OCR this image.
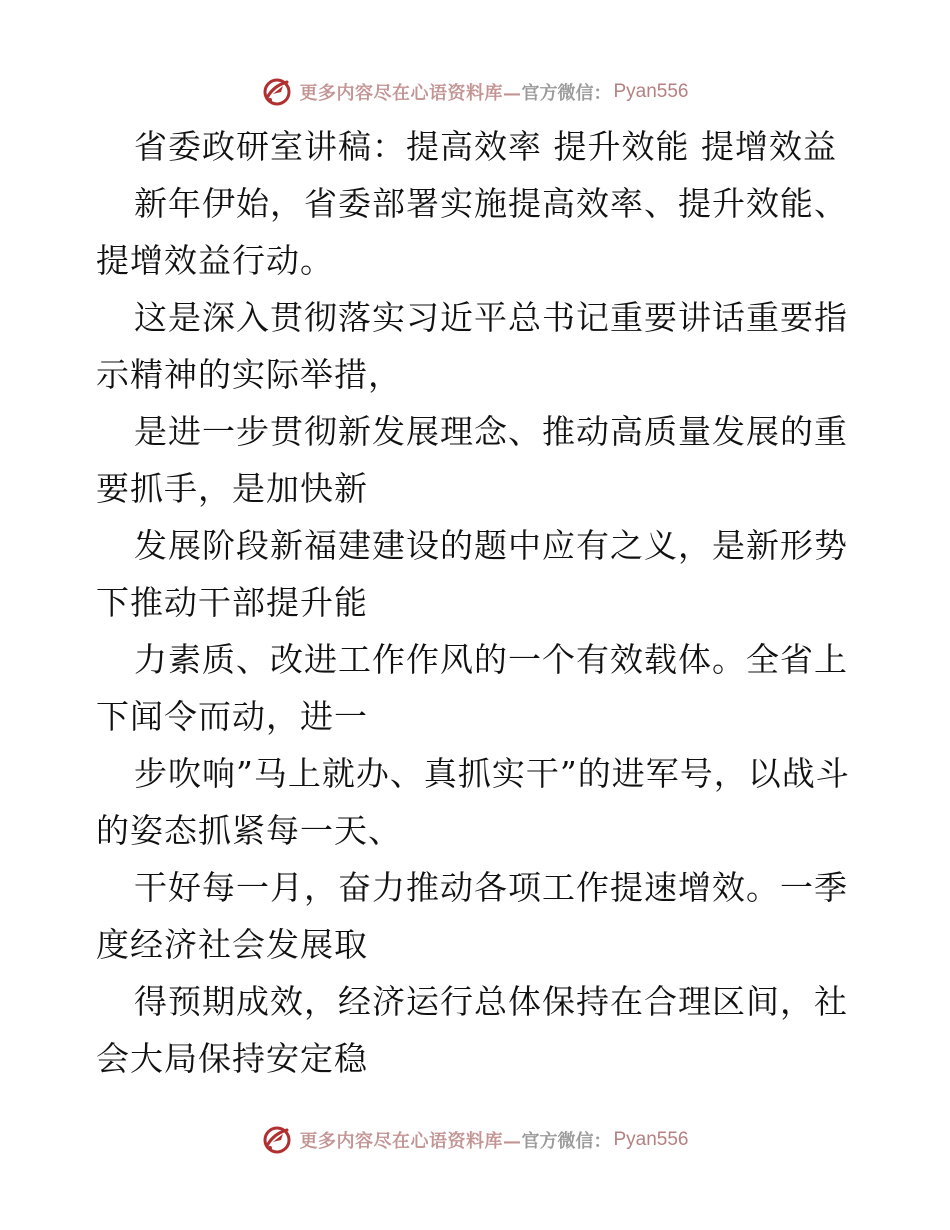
更多内容尽在心语资料库— 官方微信： Pyan556

省委政研室讲稿：提高效率 提升效能 提增效益

新年伊始，省委部署实施提高效率、提升效能、提增效益行动。

这是深入贯彻落实习近平总书记重要讲话重要指示精神的实际举措，

是进一步贯彻新发展理念、推动高质量发展的重要抓手，是加快新

发展阶段新福建建设的题中应有之义，是新形势下推动干部提升能

力素质、改进工作作风的一个有效载体。全省上下闻令而动，进一

步吹响”马上就办、真抓实干”的进军号，以战斗的姿态抓紧每一天、

干好每一月，奋力推动各项工作提速增效。一季度经济社会发展取

得预期成效，经济运行总体保持在合理区间，社会大局保持安定稳

更多内容尽在心语资料库— 官方微信： Pyan556
